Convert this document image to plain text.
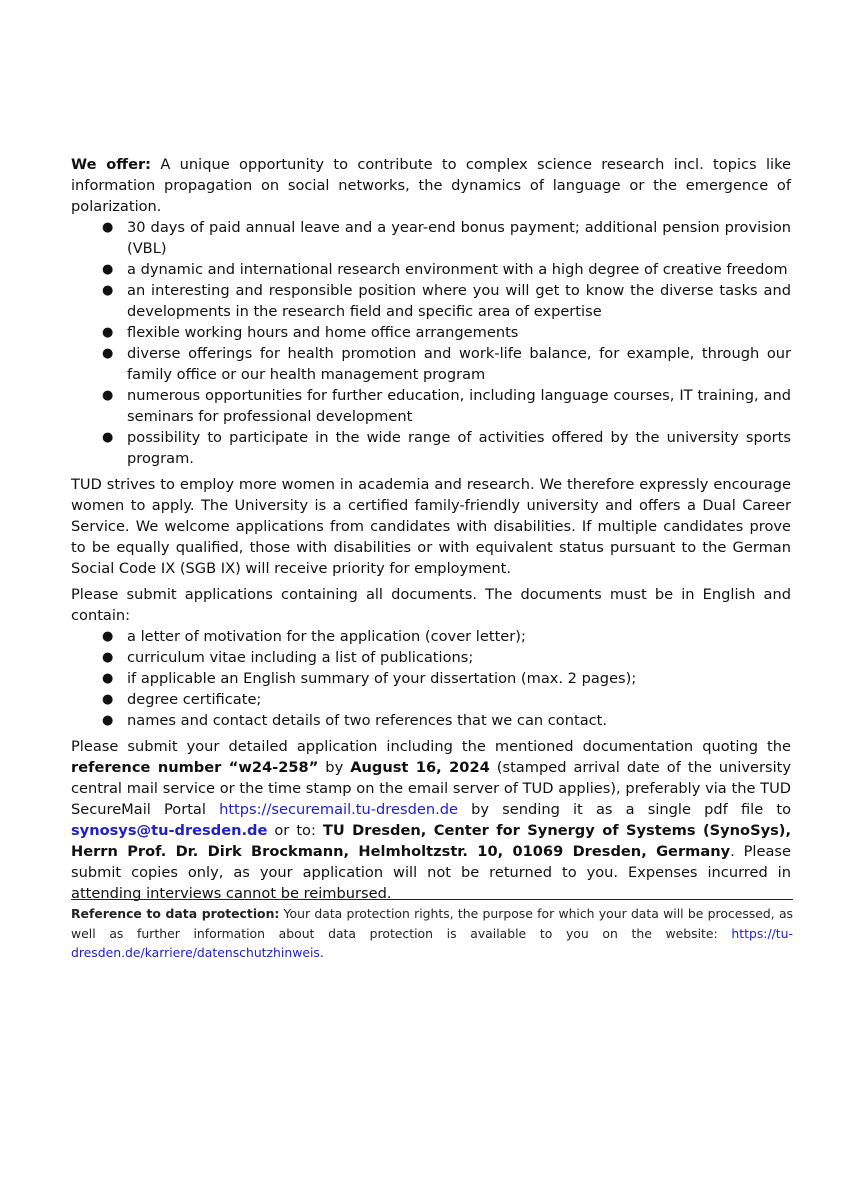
We offer: A unique opportunity to contribute to complex science research incl. topics like information propagation on social networks, the dynamics of language or the emergence of polarization.

● 30 days of paid annual leave and a year-end bonus payment; additional pension provision (VBL)
● a dynamic and international research environment with a high degree of creative freedom
● an interesting and responsible position where you will get to know the diverse tasks and developments in the research field and specific area of expertise
● flexible working hours and home office arrangements
● diverse offerings for health promotion and work-life balance, for example, through our family office or our health management program
● numerous opportunities for further education, including language courses, IT training, and seminars for professional development
● possibility to participate in the wide range of activities offered by the university sports program.

TUD strives to employ more women in academia and research. We therefore expressly encourage women to apply. The University is a certified family-friendly university and offers a Dual Career Service. We welcome applications from candidates with disabilities. If multiple candidates prove to be equally qualified, those with disabilities or with equivalent status pursuant to the German Social Code IX (SGB IX) will receive priority for employment.

Please submit applications containing all documents. The documents must be in English and contain:

● a letter of motivation for the application (cover letter);
● curriculum vitae including a list of publications;
● if applicable an English summary of your dissertation (max. 2 pages);
● degree certificate;
● names and contact details of two references that we can contact.

Please submit your detailed application including the mentioned documentation quoting the reference number “w24-258” by August 16, 2024 (stamped arrival date of the university central mail service or the time stamp on the email server of TUD applies), preferably via the TUD SecureMail Portal https://securemail.tu-dresden.de by sending it as a single pdf file to synosys@tu-dresden.de or to: TU Dresden, Center for Synergy of Systems (SynoSys), Herrn Prof. Dr. Dirk Brockmann, Helmholtzstr. 10, 01069 Dresden, Germany. Please submit copies only, as your application will not be returned to you. Expenses incurred in attending interviews cannot be reimbursed.

Reference to data protection: Your data protection rights, the purpose for which your data will be processed, as well as further information about data protection is available to you on the website: https://tu-dresden.de/karriere/datenschutzhinweis.
